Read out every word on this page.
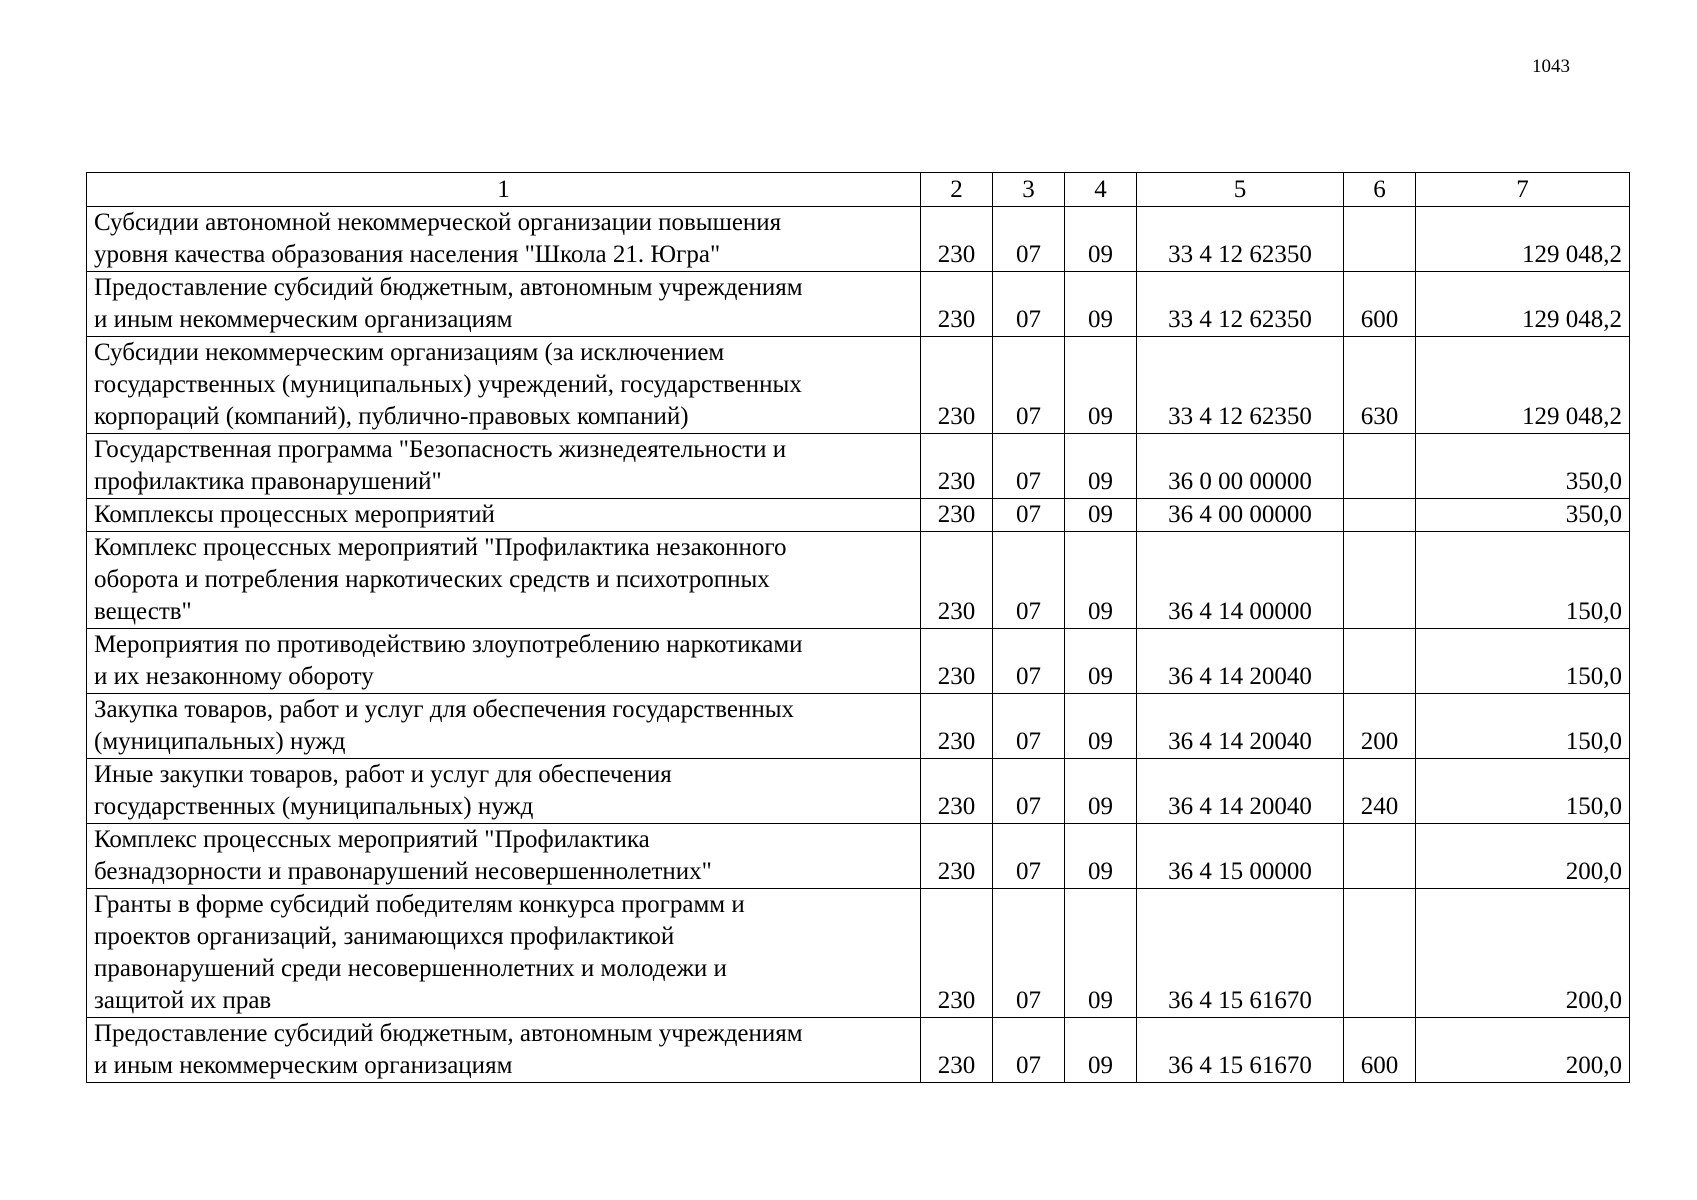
1043
1	2	3	4	5	6	7
Субсидии автономной некоммерческой организации повышения
уровня качества образования населения "Школа 21. Югра"	230	07	09	33 4 12 62350		129 048,2
Предоставление субсидий бюджетным, автономным учреждениям
и иным некоммерческим организациям	230	07	09	33 4 12 62350	600	129 048,2
Субсидии некоммерческим организациям (за исключением
государственных (муниципальных) учреждений, государственных
корпораций (компаний), публично-правовых компаний)	230	07	09	33 4 12 62350	630	129 048,2
Государственная программа "Безопасность жизнедеятельности и
профилактика правонарушений"	230	07	09	36 0 00 00000		350,0
Комплексы процессных мероприятий	230	07	09	36 4 00 00000		350,0
Комплекс процессных мероприятий "Профилактика незаконного
оборота и потребления наркотических средств и психотропных
веществ"	230	07	09	36 4 14 00000		150,0
Мероприятия по противодействию злоупотреблению наркотиками
и их незаконному обороту	230	07	09	36 4 14 20040		150,0
Закупка товаров, работ и услуг для обеспечения государственных
(муниципальных) нужд	230	07	09	36 4 14 20040	200	150,0
Иные закупки товаров, работ и услуг для обеспечения
государственных (муниципальных) нужд	230	07	09	36 4 14 20040	240	150,0
Комплекс процессных мероприятий "Профилактика
безнадзорности и правонарушений несовершеннолетних"	230	07	09	36 4 15 00000		200,0
Гранты в форме субсидий победителям конкурса программ и
проектов организаций, занимающихся профилактикой
правонарушений среди несовершеннолетних и молодежи и
защитой их прав	230	07	09	36 4 15 61670		200,0
Предоставление субсидий бюджетным, автономным учреждениям
и иным некоммерческим организациям	230	07	09	36 4 15 61670	600	200,0
